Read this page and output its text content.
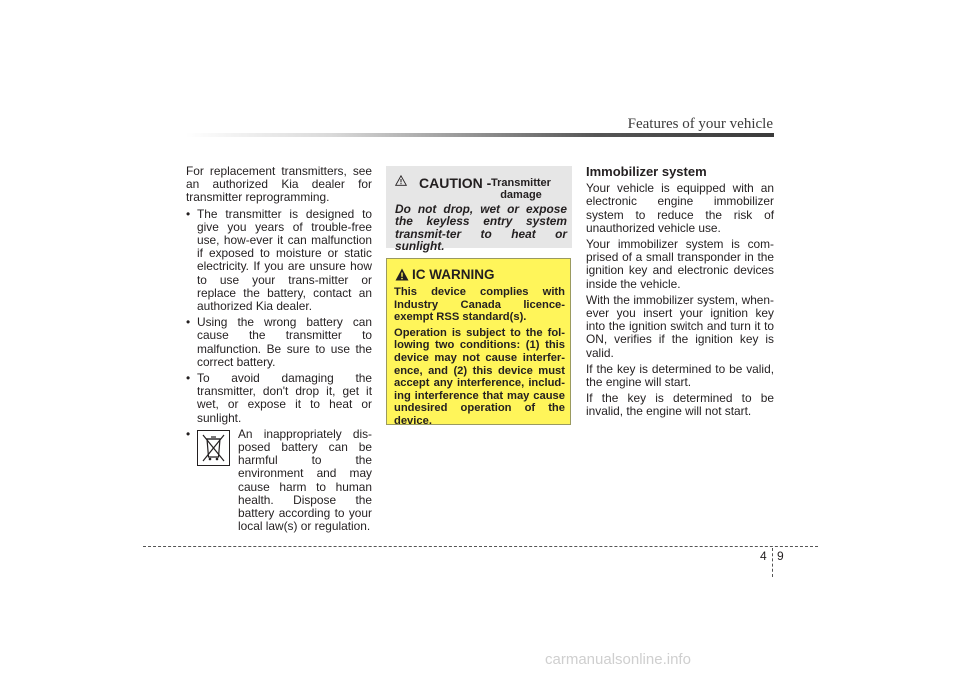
Features of your vehicle

For replacement transmitters, see an authorized Kia dealer for transmitter reprogramming.

• The transmitter is designed to give you years of trouble-free use, how-ever it can malfunction if exposed to moisture or static electricity. If you are unsure how to use your trans-mitter or replace the battery, contact an authorized Kia dealer.
• Using the wrong battery can cause the transmitter to malfunction. Be sure to use the correct battery.
• To avoid damaging the transmitter, don't drop it, get it wet, or expose it to heat or sunlight.
•	An inappropriately dis-posed battery can be harmful to the environment and may cause harm to human health. Dispose the battery according to your local law(s) or regulation.
CAUTION - Transmitter damage
Do not drop, wet or expose the keyless entry system transmit-ter to heat or sunlight.
IC WARNING

This device complies with Industry Canada licence-exempt RSS standard(s).

Operation is subject to the fol-lowing two conditions: (1) this device may not cause interfer-ence, and (2) this device must accept any interference, includ-ing interference that may cause undesired operation of the device.

Immobilizer system

Your vehicle is equipped with an electronic engine immobilizer system to reduce the risk of unauthorized vehicle use.

Your immobilizer system is com-prised of a small transponder in the ignition key and electronic devices inside the vehicle.

With the immobilizer system, when-ever you insert your ignition key into the ignition switch and turn it to ON, verifies if the ignition key is valid.

If the key is determined to be valid, the engine will start.

If the key is determined to be invalid, the engine will not start.

4 9
carmanualsonline.info
